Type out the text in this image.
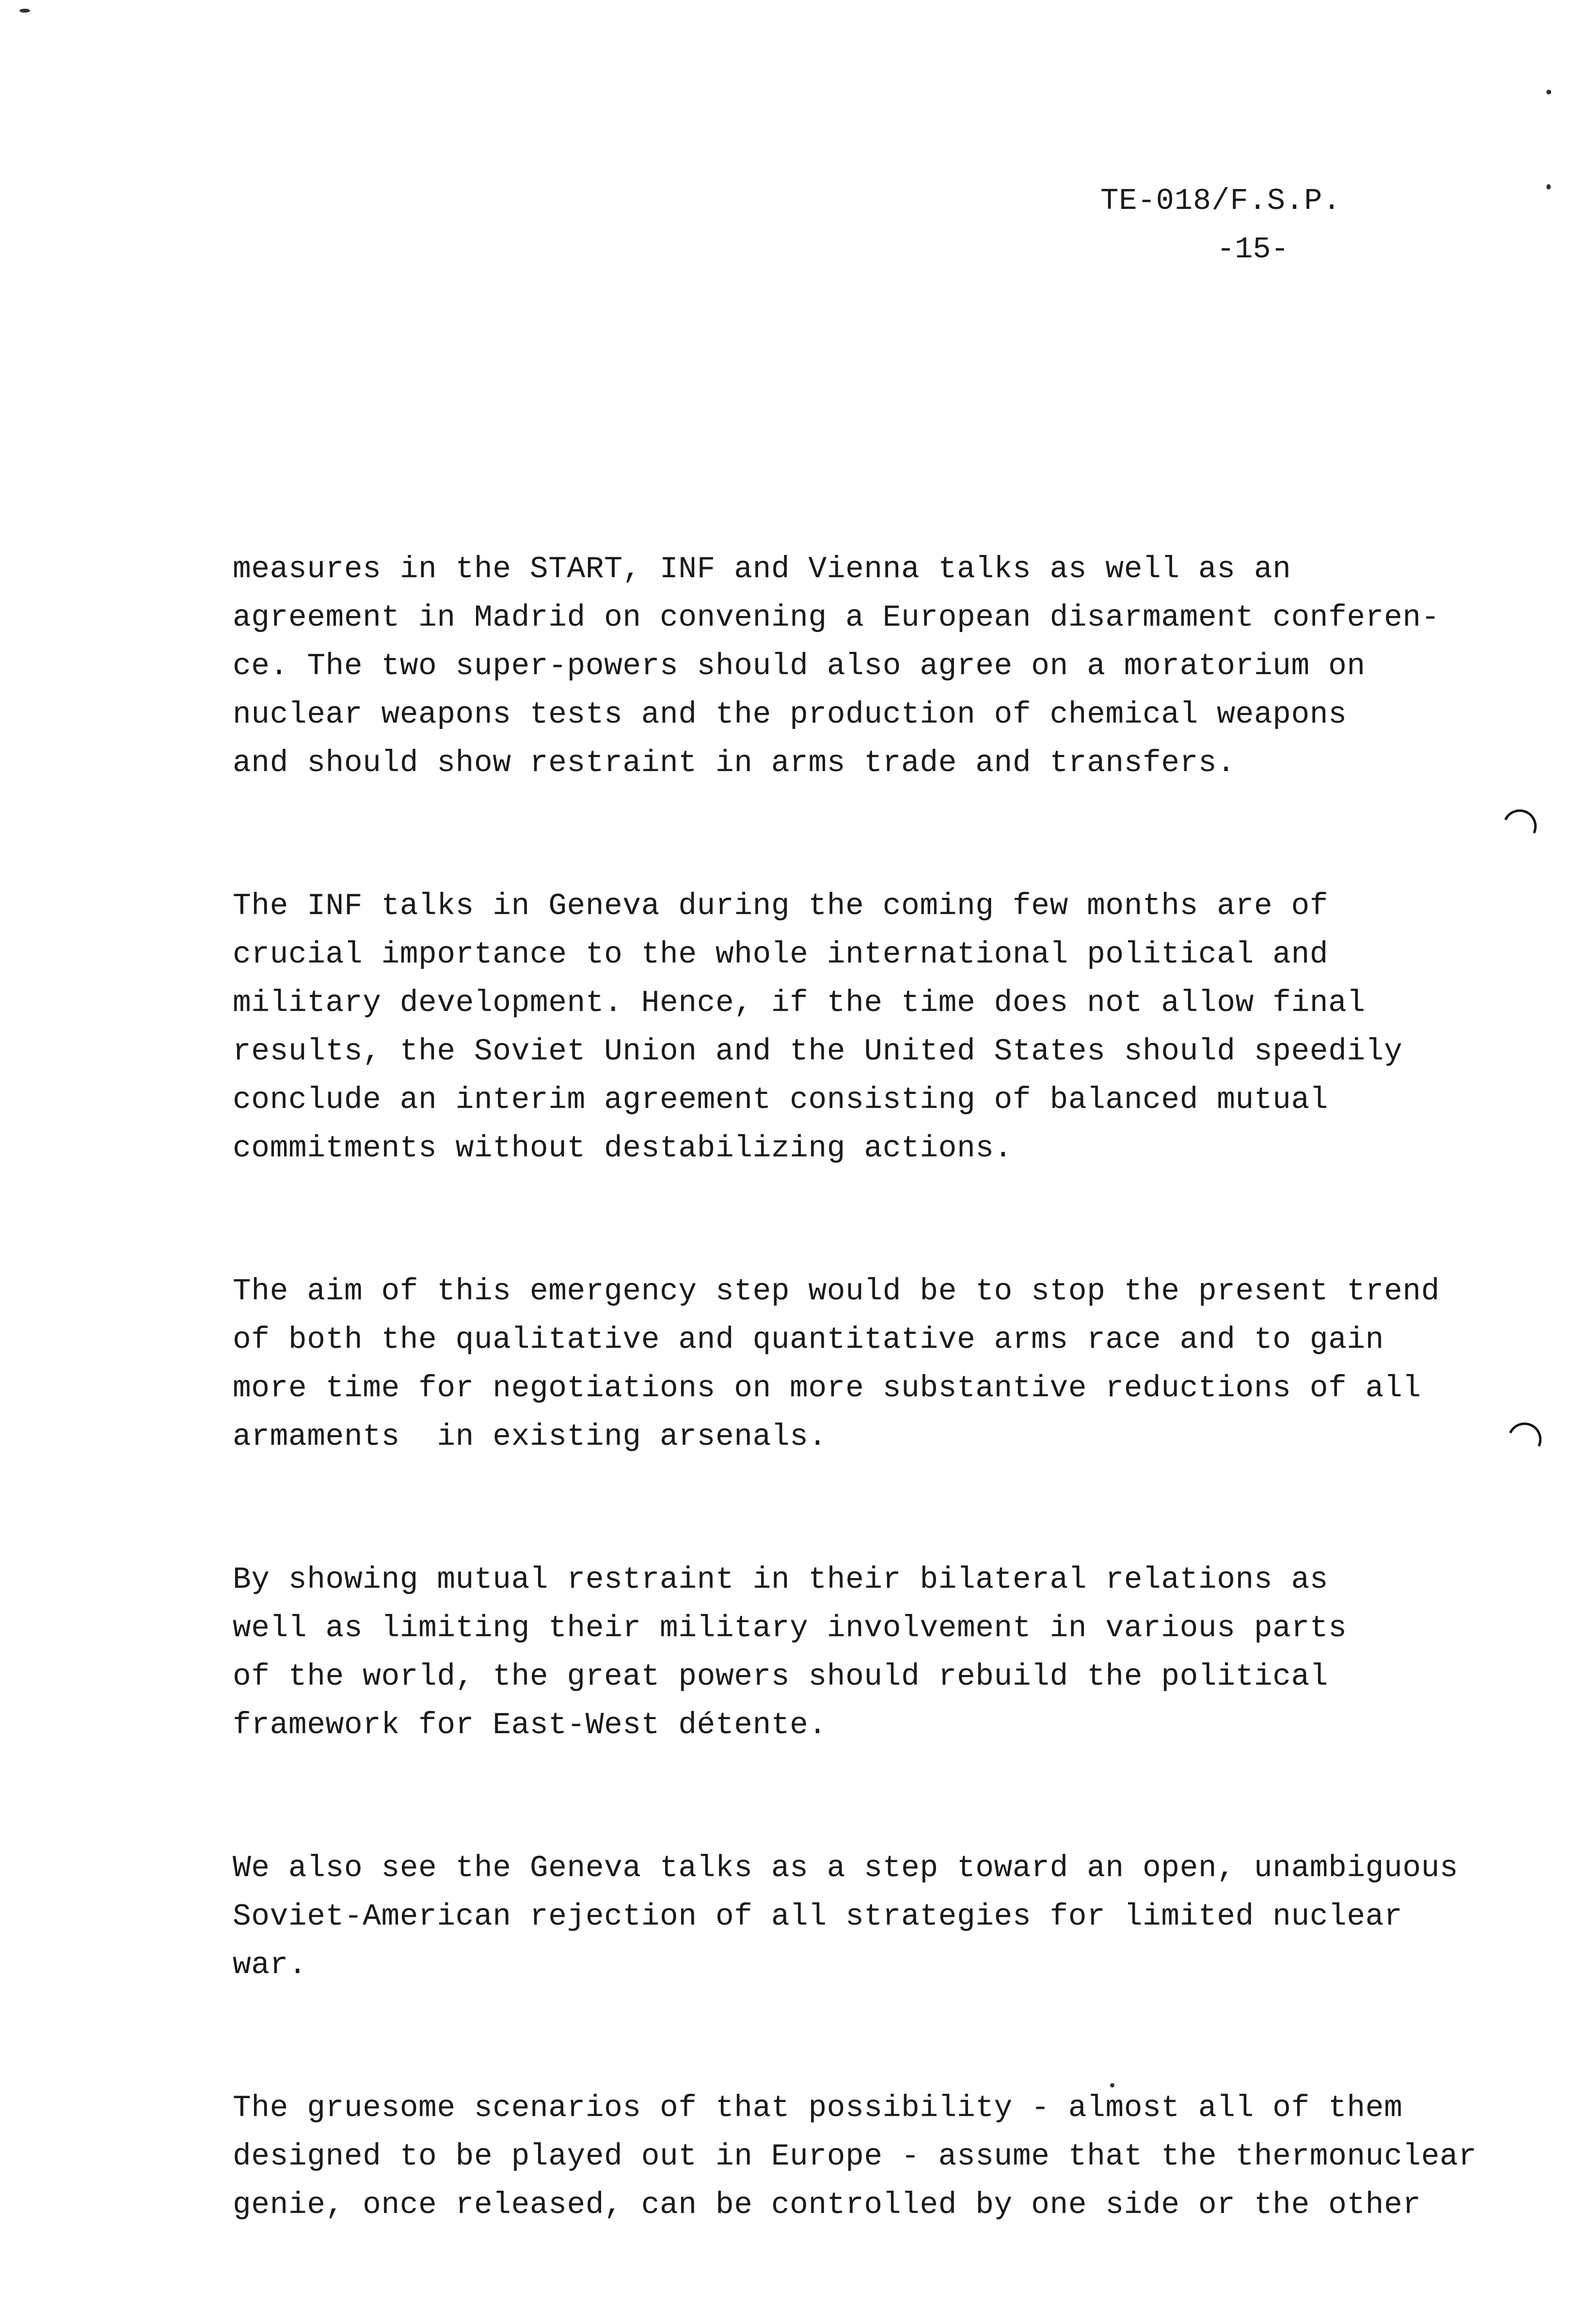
TE-018/F.S.P.
-15-
measures in the START, INF and Vienna talks as well as an
agreement in Madrid on convening a European disarmament conferen-
ce. The two super-powers should also agree on a moratorium on
nuclear weapons tests and the production of chemical weapons
and should show restraint in arms trade and transfers.
The INF talks in Geneva during the coming few months are of
crucial importance to the whole international political and
military development. Hence, if the time does not allow final
results, the Soviet Union and the United States should speedily
conclude an interim agreement consisting of balanced mutual
commitments without destabilizing actions.
The aim of this emergency step would be to stop the present trend
of both the qualitative and quantitative arms race and to gain
more time for negotiations on more substantive reductions of all
armaments  in existing arsenals.
By showing mutual restraint in their bilateral relations as
well as limiting their military involvement in various parts
of the world, the great powers should rebuild the political
framework for East-West détente.
We also see the Geneva talks as a step toward an open, unambiguous
Soviet-American rejection of all strategies for limited nuclear
war.
The gruesome scenarios of that possibility - almost all of them
designed to be played out in Europe - assume that the thermonuclear
genie, once released, can be controlled by one side or the other
